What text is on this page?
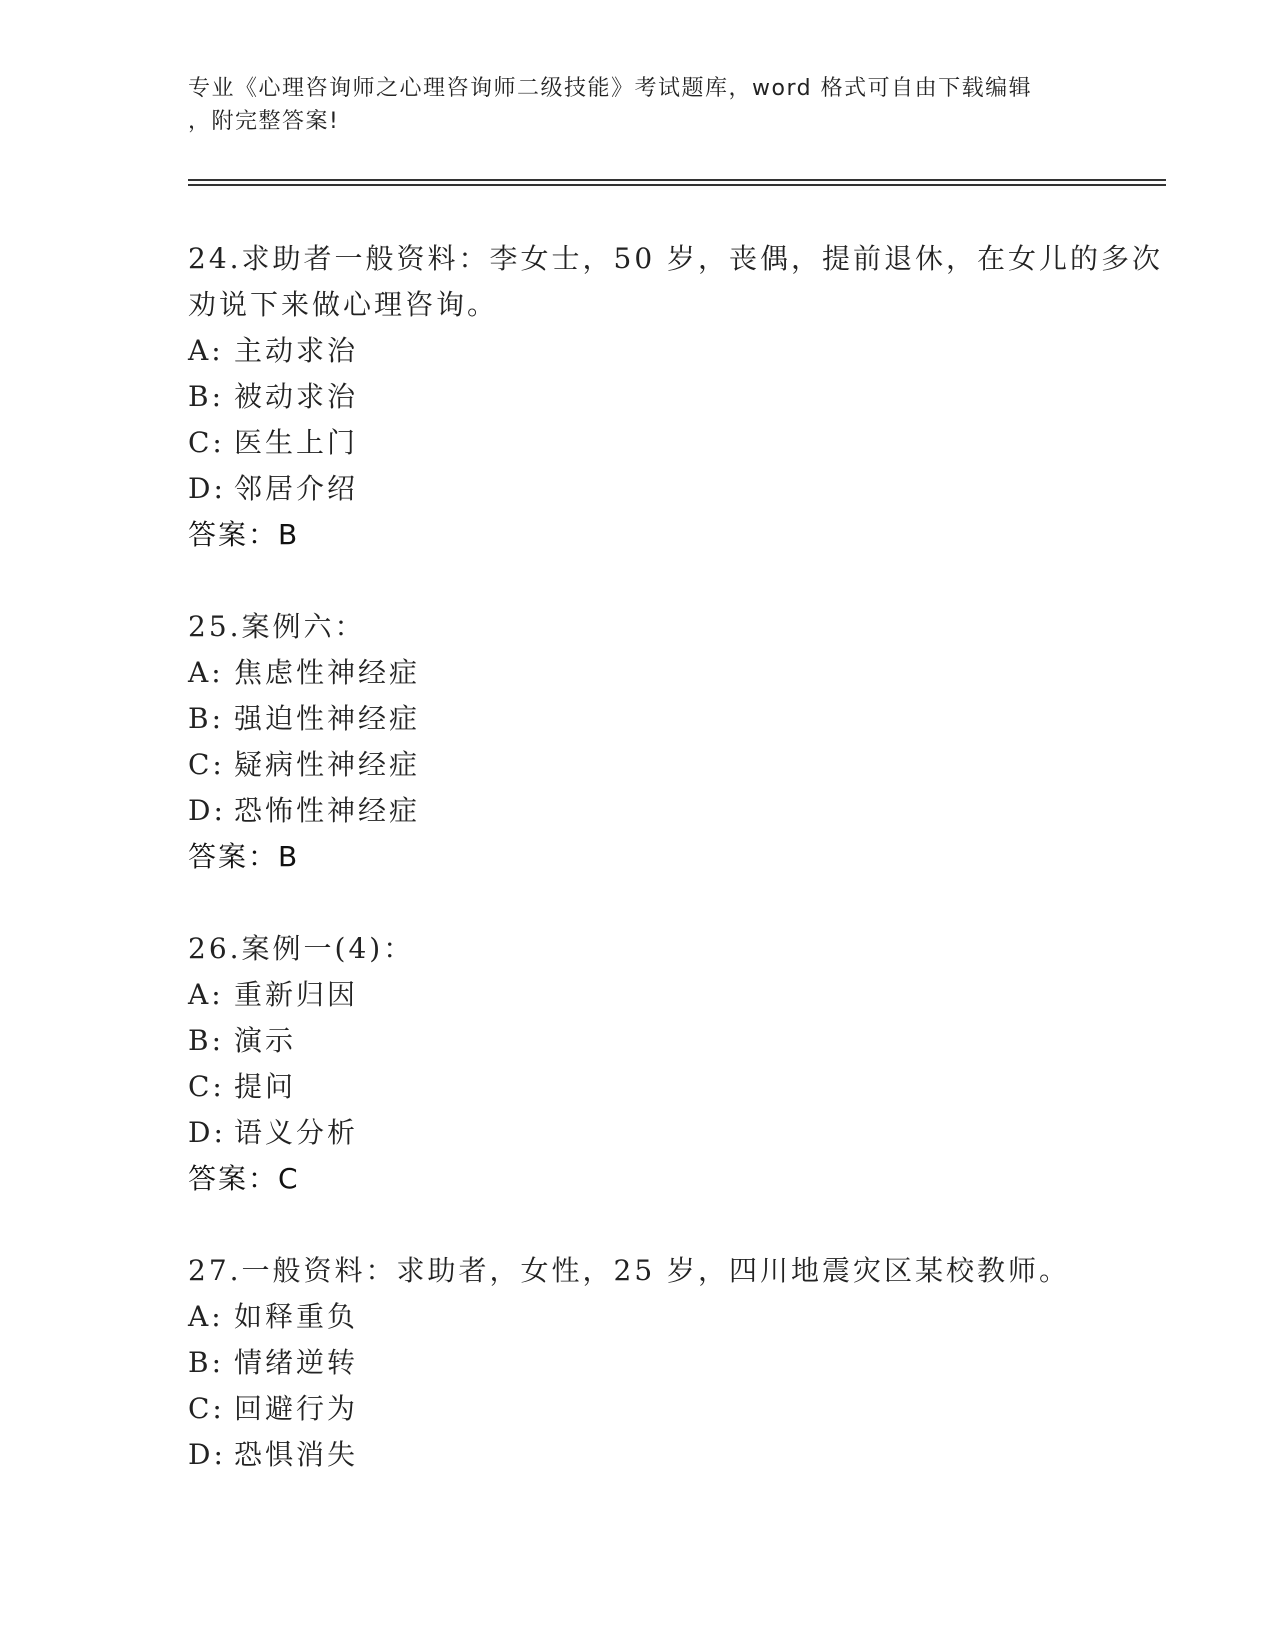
专业《心理咨询师之心理咨询师二级技能》考试题库，word 格式可自由下载编辑
，附完整答案!
24.求助者一般资料：李女士，50 岁，丧偶，提前退休，在女儿的多次
劝说下来做心理咨询。
A: 主动求治
B: 被动求治
C: 医生上门
D: 邻居介绍
答案：B
25.案例六：
A: 焦虑性神经症
B: 强迫性神经症
C: 疑病性神经症
D: 恐怖性神经症
答案：B
26.案例一(4)：
A: 重新归因
B: 演示
C: 提问
D: 语义分析
答案：C
27.一般资料：求助者，女性，25 岁，四川地震灾区某校教师。
A: 如释重负
B: 情绪逆转
C: 回避行为
D: 恐惧消失
